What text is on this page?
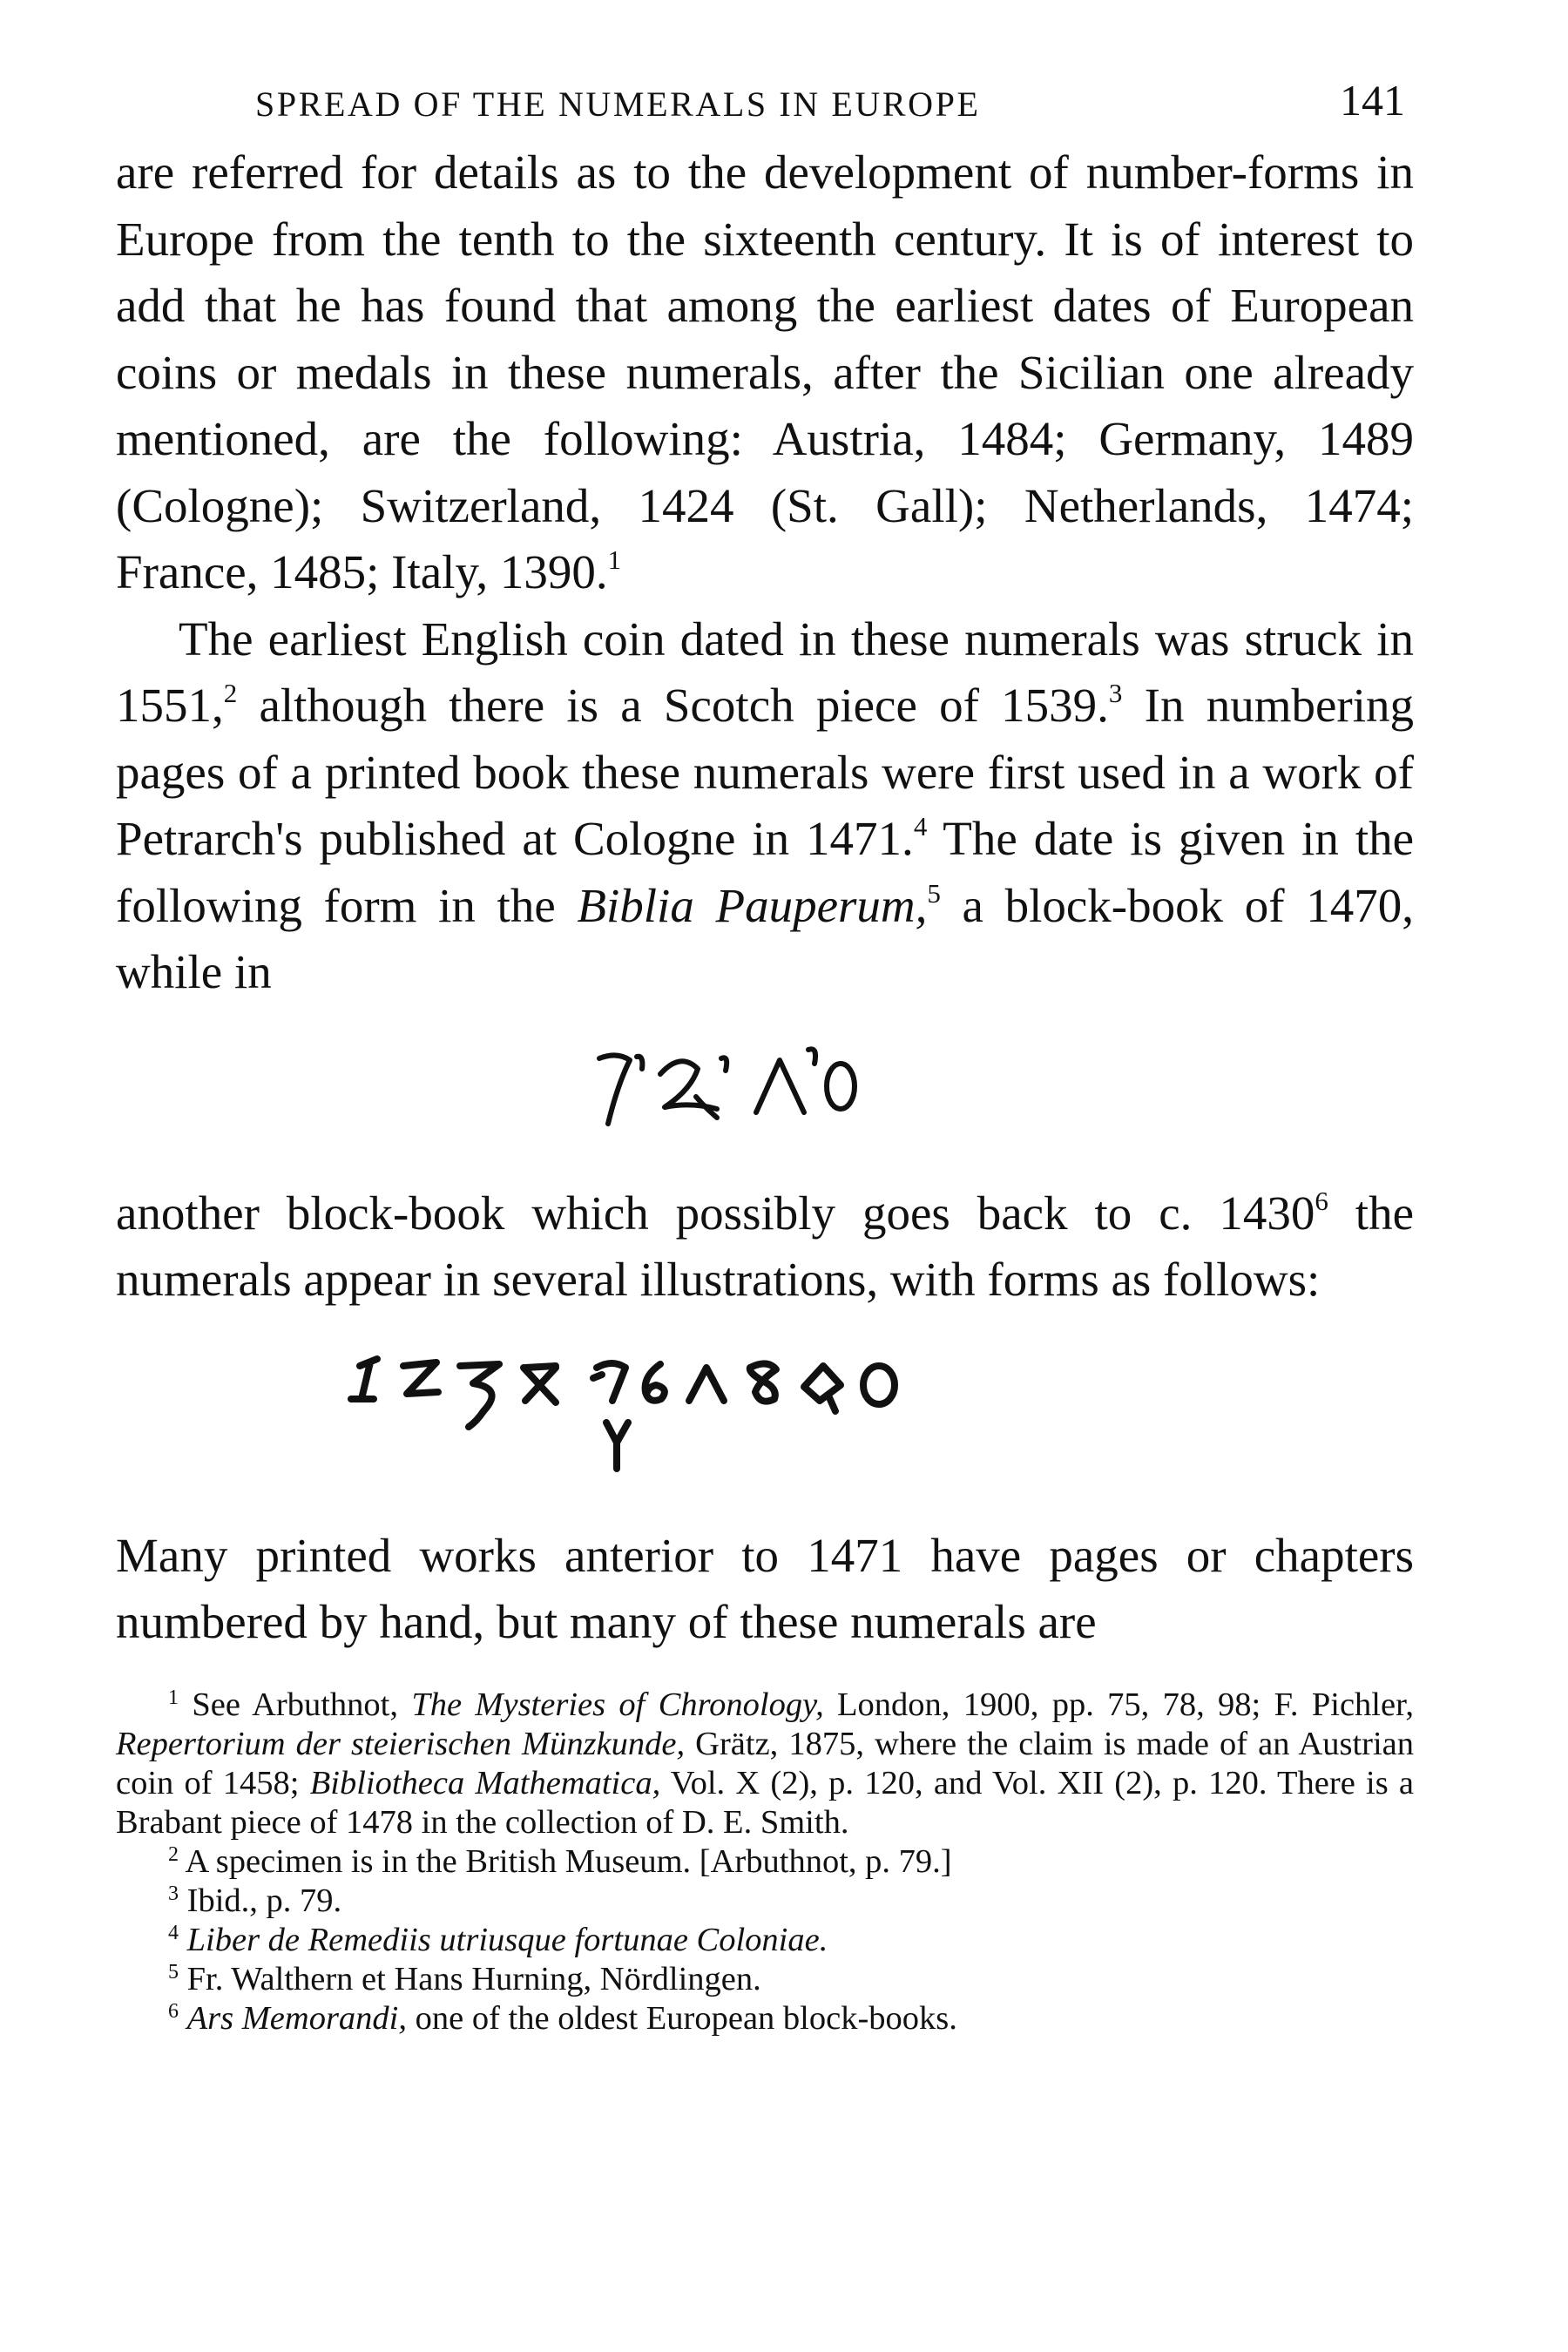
SPREAD OF THE NUMERALS IN EUROPE	141

are referred for details as to the development of number-forms in Europe from the tenth to the sixteenth century. It is of interest to add that he has found that among the earliest dates of European coins or medals in these numerals, after the Sicilian one already mentioned, are the following: Austria, 1484; Germany, 1489 (Cologne); Switzerland, 1424 (St. Gall); Netherlands, 1474; France, 1485; Italy, 1390.$^1$

The earliest English coin dated in these numerals was struck in 1551,$^2$ although there is a Scotch piece of 1539.$^3$ In numbering pages of a printed book these numerals were first used in a work of Petrarch's published at Cologne in 1471.$^4$ The date is given in the following form in the Biblia Pauperum,$^5$ a block-book of 1470, while in

another block-book which possibly goes back to c. 1430$^6$ the numerals appear in several illustrations, with forms as follows:

Many printed works anterior to 1471 have pages or chapters numbered by hand, but many of these numerals are

$^1$ See Arbuthnot, The Mysteries of Chronology, London, 1900, pp. 75, 78, 98; F. Pichler, Repertorium der steierischen Münzkunde, Grätz, 1875, where the claim is made of an Austrian coin of 1458; Bibliotheca Mathematica, Vol. X (2), p. 120, and Vol. XII (2), p. 120. There is a Brabant piece of 1478 in the collection of D. E. Smith.

$^2$ A specimen is in the British Museum. [Arbuthnot, p. 79.]

$^3$ Ibid., p. 79.

$^4$ Liber de Remediis utriusque fortunae Coloniae.

$^5$ Fr. Walthern et Hans Hurning, Nördlingen.

$^6$ Ars Memorandi, one of the oldest European block-books.
